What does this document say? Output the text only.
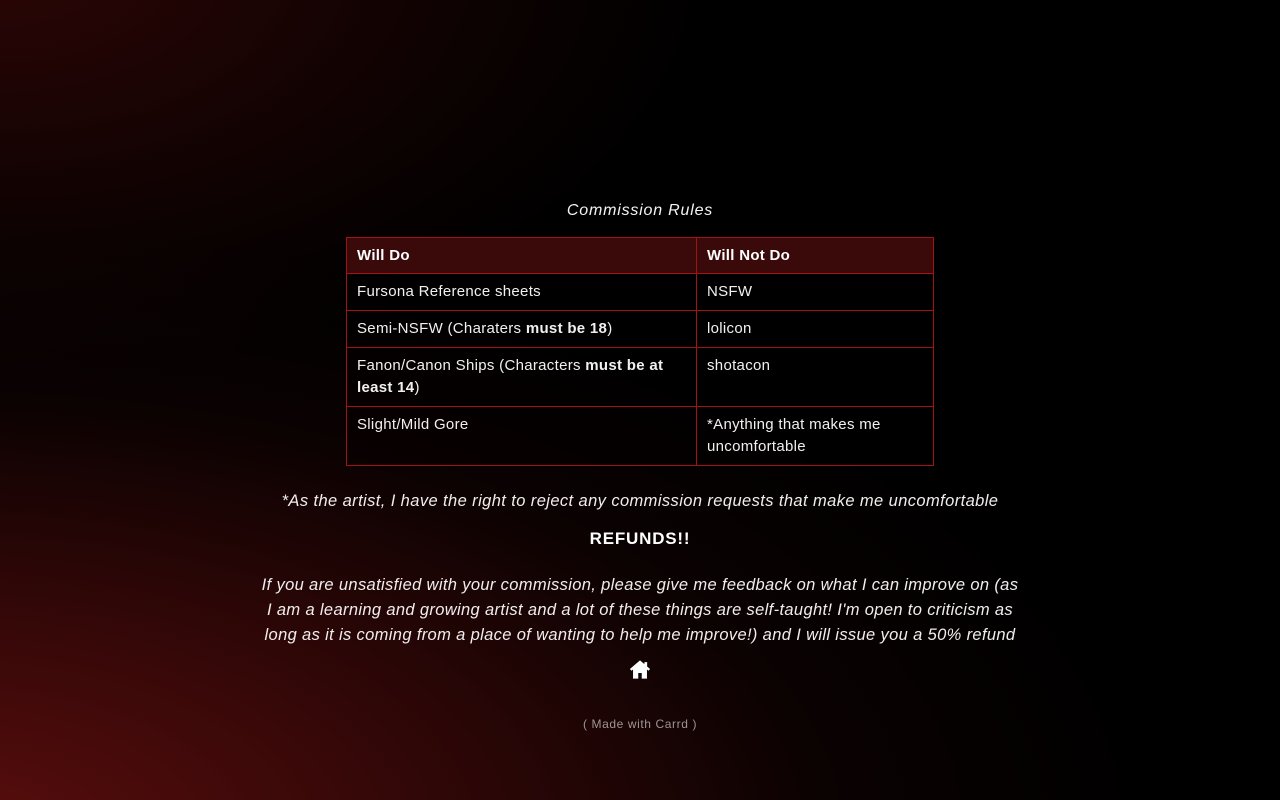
Commission Rules
Will Do	Will Not Do
Fursona Reference sheets	NSFW
Semi-NSFW (Charaters must be 18)	lolicon
Fanon/Canon Ships (Characters must be at least 14)	shotacon
Slight/Mild Gore	*Anything that makes me uncomfortable

*As the artist, I have the right to reject any commission requests that make me uncomfortable

REFUNDS!!
If you are unsatisfied with your commission, please give me feedback on what I can improve on (as
I am a learning and growing artist and a lot of these things are self-taught! I'm open to criticism as
long as it is coming from a place of wanting to help me improve!) and I will issue you a 50% refund
( Made with Carrd )
